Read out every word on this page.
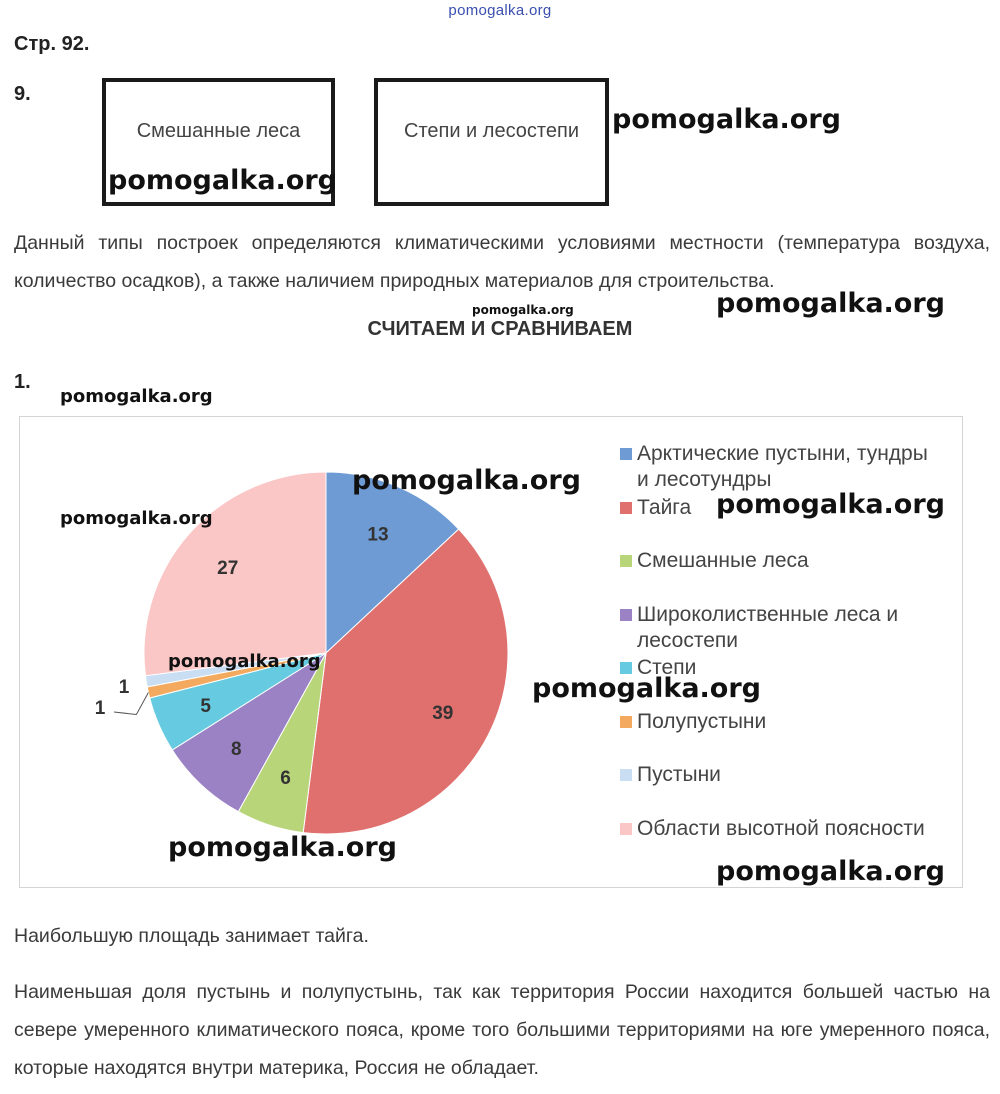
pomogalka.org
Стр. 92.
9.
Смешанные леса	Степи и лесостепи
Данный типы построек определяются климатическими условиями местности (температура воздуха, количество осадков), а также наличием природных материалов для строительства.
СЧИТАЕМ И СРАВНИВАЕМ
1.
13
39
6
8
5
1
1
27
Арктические пустыни, тундры
и лесотундры
Тайга
Смешанные леса
Широколиственные леса и
лесостепи
Степи
Полупустыни
Пустыни
Области высотной поясности
Наибольшую площадь занимает тайга.
Наименьшая доля пустынь и полупустынь, так как территория России находится большей частью на севере умеренного климатического пояса, кроме того большими территориями на юге умеренного пояса, которые находятся внутри материка, Россия не обладает.
pomogalka.org
pomogalka.org
pomogalka.org	pomogalka.org
pomogalka.org
pomogalka.org
pomogalka.org
pomogalka.org
pomogalka.org
pomogalka.org
pomogalka.org
pomogalka.org
